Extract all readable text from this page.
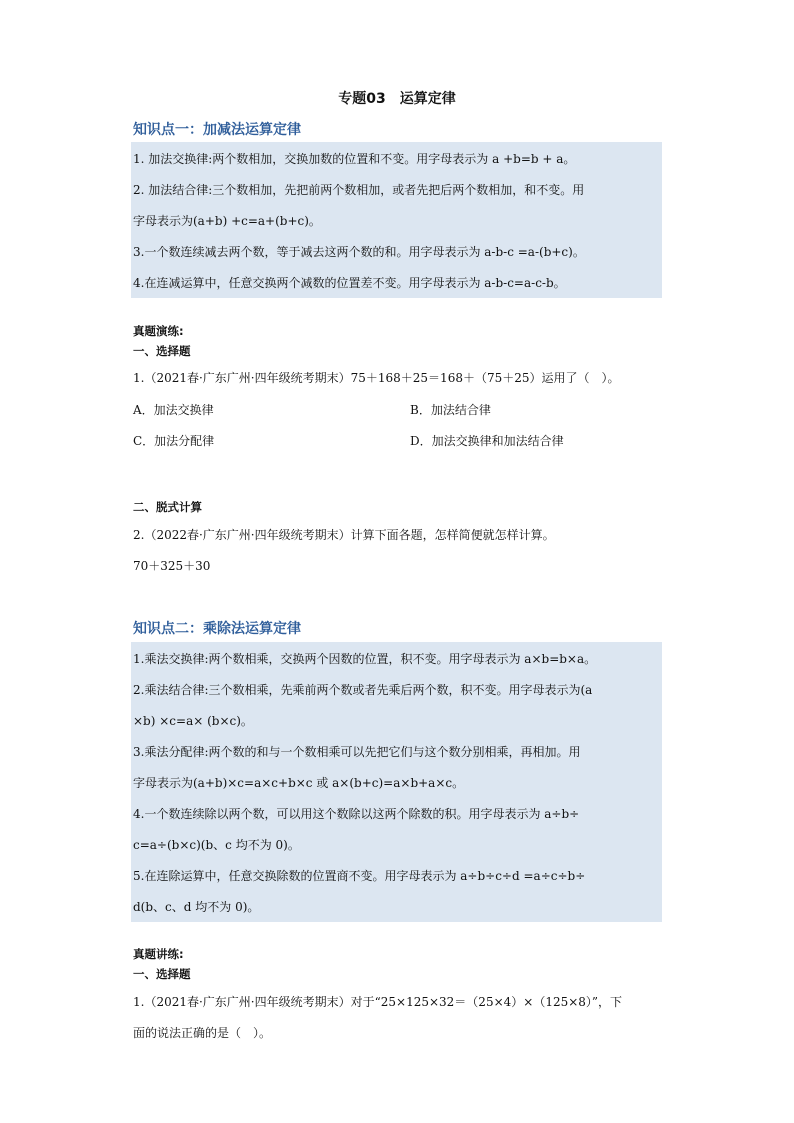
专题03　运算定律
知识点一：加减法运算定律
1. 加法交换律:两个数相加，交换加数的位置和不变。用字母表示为 a +b=b + a。
2. 加法结合律:三个数相加，先把前两个数相加，或者先把后两个数相加，和不变。用
字母表示为(a+b) +c=a+(b+c)。
3.一个数连续减去两个数，等于减去这两个数的和。用字母表示为 a-b-c =a-(b+c)。
4.在连减运算中，任意交换两个减数的位置差不变。用字母表示为 a-b-c=a-c-b。
真题演练:
一、选择题
1.（2021春·广东广州·四年级统考期末）75＋168＋25＝168＋（75＋25）运用了（　）。
A．加法交换律	B．加法结合律
C．加法分配律	D．加法交换律和加法结合律
二、脱式计算
2.（2022春·广东广州·四年级统考期末）计算下面各题，怎样简便就怎样计算。
70＋325＋30
知识点二：乘除法运算定律
1.乘法交换律:两个数相乘，交换两个因数的位置，积不变。用字母表示为 a×b=b×a。
2.乘法结合律:三个数相乘，先乘前两个数或者先乘后两个数，积不变。用字母表示为(a
×b) ×c=a× (b×c)。
3.乘法分配律:两个数的和与一个数相乘可以先把它们与这个数分别相乘，再相加。用
字母表示为(a+b)×c=a×c+b×c 或 a×(b+c)=a×b+a×c。
4.一个数连续除以两个数，可以用这个数除以这两个除数的积。用字母表示为 a÷b÷
c=a÷(b×c)(b、c 均不为 0)。
5.在连除运算中，任意交换除数的位置商不变。用字母表示为 a÷b÷c÷d =a÷c÷b÷
d(b、c、d 均不为 0)。
真题讲练:
一、选择题
1.（2021春·广东广州·四年级统考期末）对于“25×125×32＝（25×4）×（125×8）”，下
面的说法正确的是（　）。
